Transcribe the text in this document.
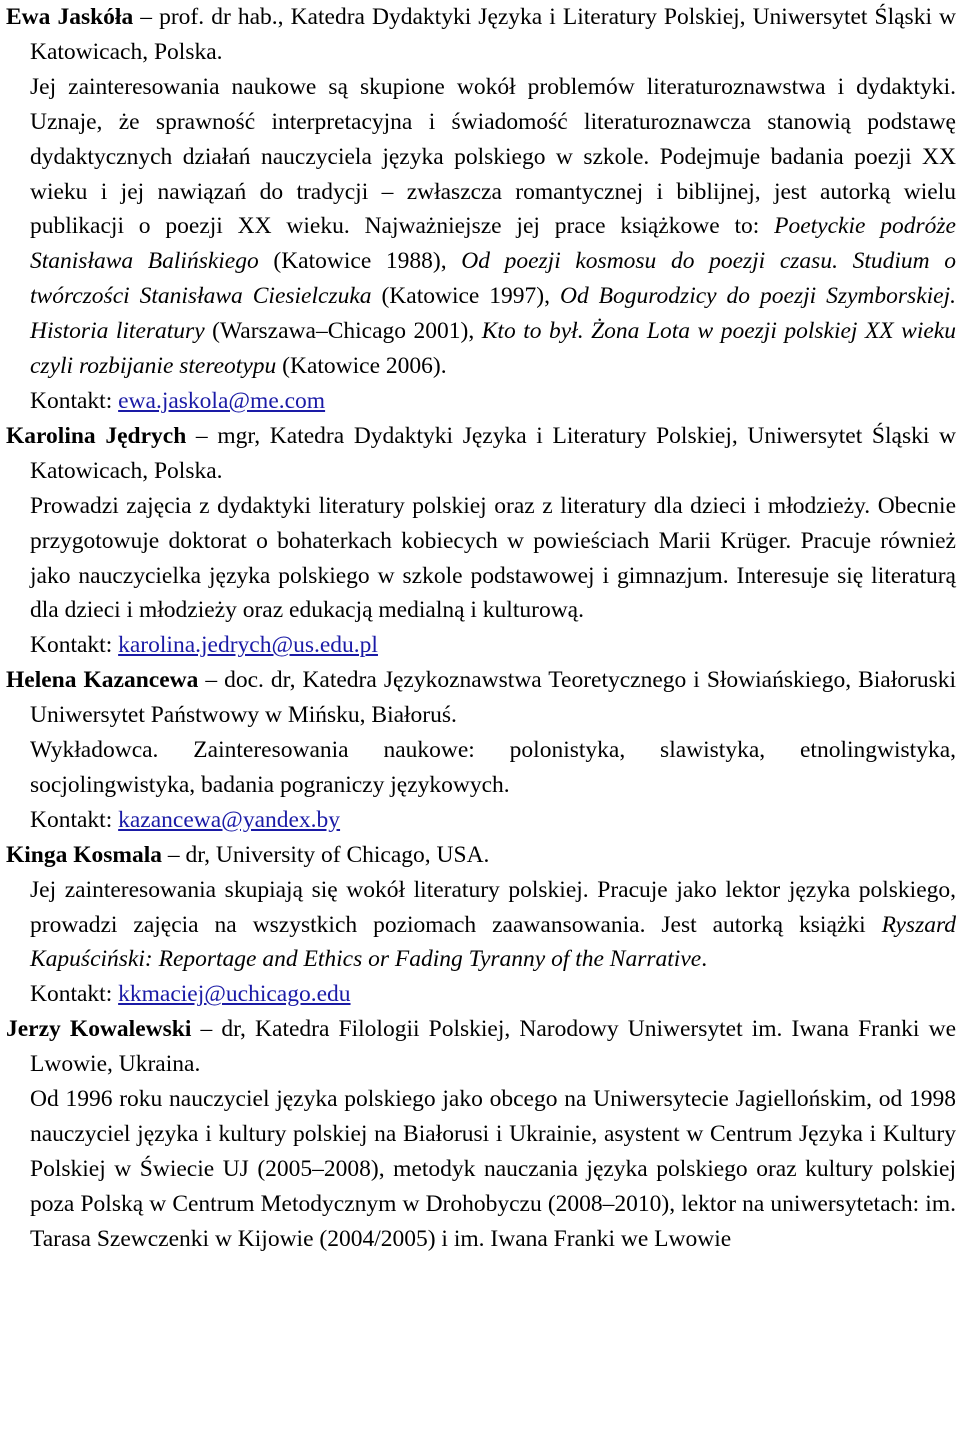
Ewa Jaskóła – prof. dr hab., Katedra Dydaktyki Języka i Literatury Polskiej, Uniwersytet Śląski w Katowicach, Polska.

Jej zainteresowania naukowe są skupione wokół problemów literaturoznawstwa i dydaktyki. Uznaje, że sprawność interpretacyjna i świadomość literaturoznawcza stanowią podstawę dydaktycznych działań nauczyciela języka polskiego w szkole. Podejmuje badania poezji XX wieku i jej nawiązań do tradycji – zwłaszcza romantycznej i biblijnej, jest autorką wielu publikacji o poezji XX wieku. Najważniejsze jej prace książkowe to: Poetyckie podróże Stanisława Balińskiego (Katowice 1988), Od poezji kosmosu do poezji czasu. Studium o twórczości Stanisława Ciesielczuka (Katowice 1997), Od Bogurodzicy do poezji Szymborskiej. Historia literatury (Warszawa–Chicago 2001), Kto to był. Żona Lota w poezji polskiej XX wieku czyli rozbijanie stereotypu (Katowice 2006).

Kontakt: ewa.jaskola@me.com

Karolina Jędrych – mgr, Katedra Dydaktyki Języka i Literatury Polskiej, Uniwersytet Śląski w Katowicach, Polska.

Prowadzi zajęcia z dydaktyki literatury polskiej oraz z literatury dla dzieci i młodzieży. Obecnie przygotowuje doktorat o bohaterkach kobiecych w powieściach Marii Krüger. Pracuje również jako nauczycielka języka polskiego w szkole podstawowej i gimnazjum. Interesuje się literaturą dla dzieci i młodzieży oraz edukacją medialną i kulturową.

Kontakt: karolina.jedrych@us.edu.pl

Helena Kazancewa – doc. dr, Katedra Językoznawstwa Teoretycznego i Słowiańskiego, Białoruski Uniwersytet Państwowy w Mińsku, Białoruś.

Wykładowca. Zainteresowania naukowe: polonistyka, slawistyka, etnolingwistyka, socjolingwistyka, badania pograniczy językowych.

Kontakt: kazancewa@yandex.by

Kinga Kosmala – dr, University of Chicago, USA.

Jej zainteresowania skupiają się wokół literatury polskiej. Pracuje jako lektor języka polskiego, prowadzi zajęcia na wszystkich poziomach zaawansowania. Jest autorką książki Ryszard Kapuściński: Reportage and Ethics or Fading Tyranny of the Narrative.

Kontakt: kkmaciej@uchicago.edu

Jerzy Kowalewski – dr, Katedra Filologii Polskiej, Narodowy Uniwersytet im. Iwana Franki we Lwowie, Ukraina.

Od 1996 roku nauczyciel języka polskiego jako obcego na Uniwersytecie Jagiellońskim, od 1998 nauczyciel języka i kultury polskiej na Białorusi i Ukrainie, asystent w Centrum Języka i Kultury Polskiej w Świecie UJ (2005–2008), metodyk nauczania języka polskiego oraz kultury polskiej poza Polską w Centrum Metodycznym w Drohobyczu (2008–2010), lektor na uniwersytetach: im. Tarasa Szewczenki w Kijowie (2004/2005) i im. Iwana Franki we Lwowie
